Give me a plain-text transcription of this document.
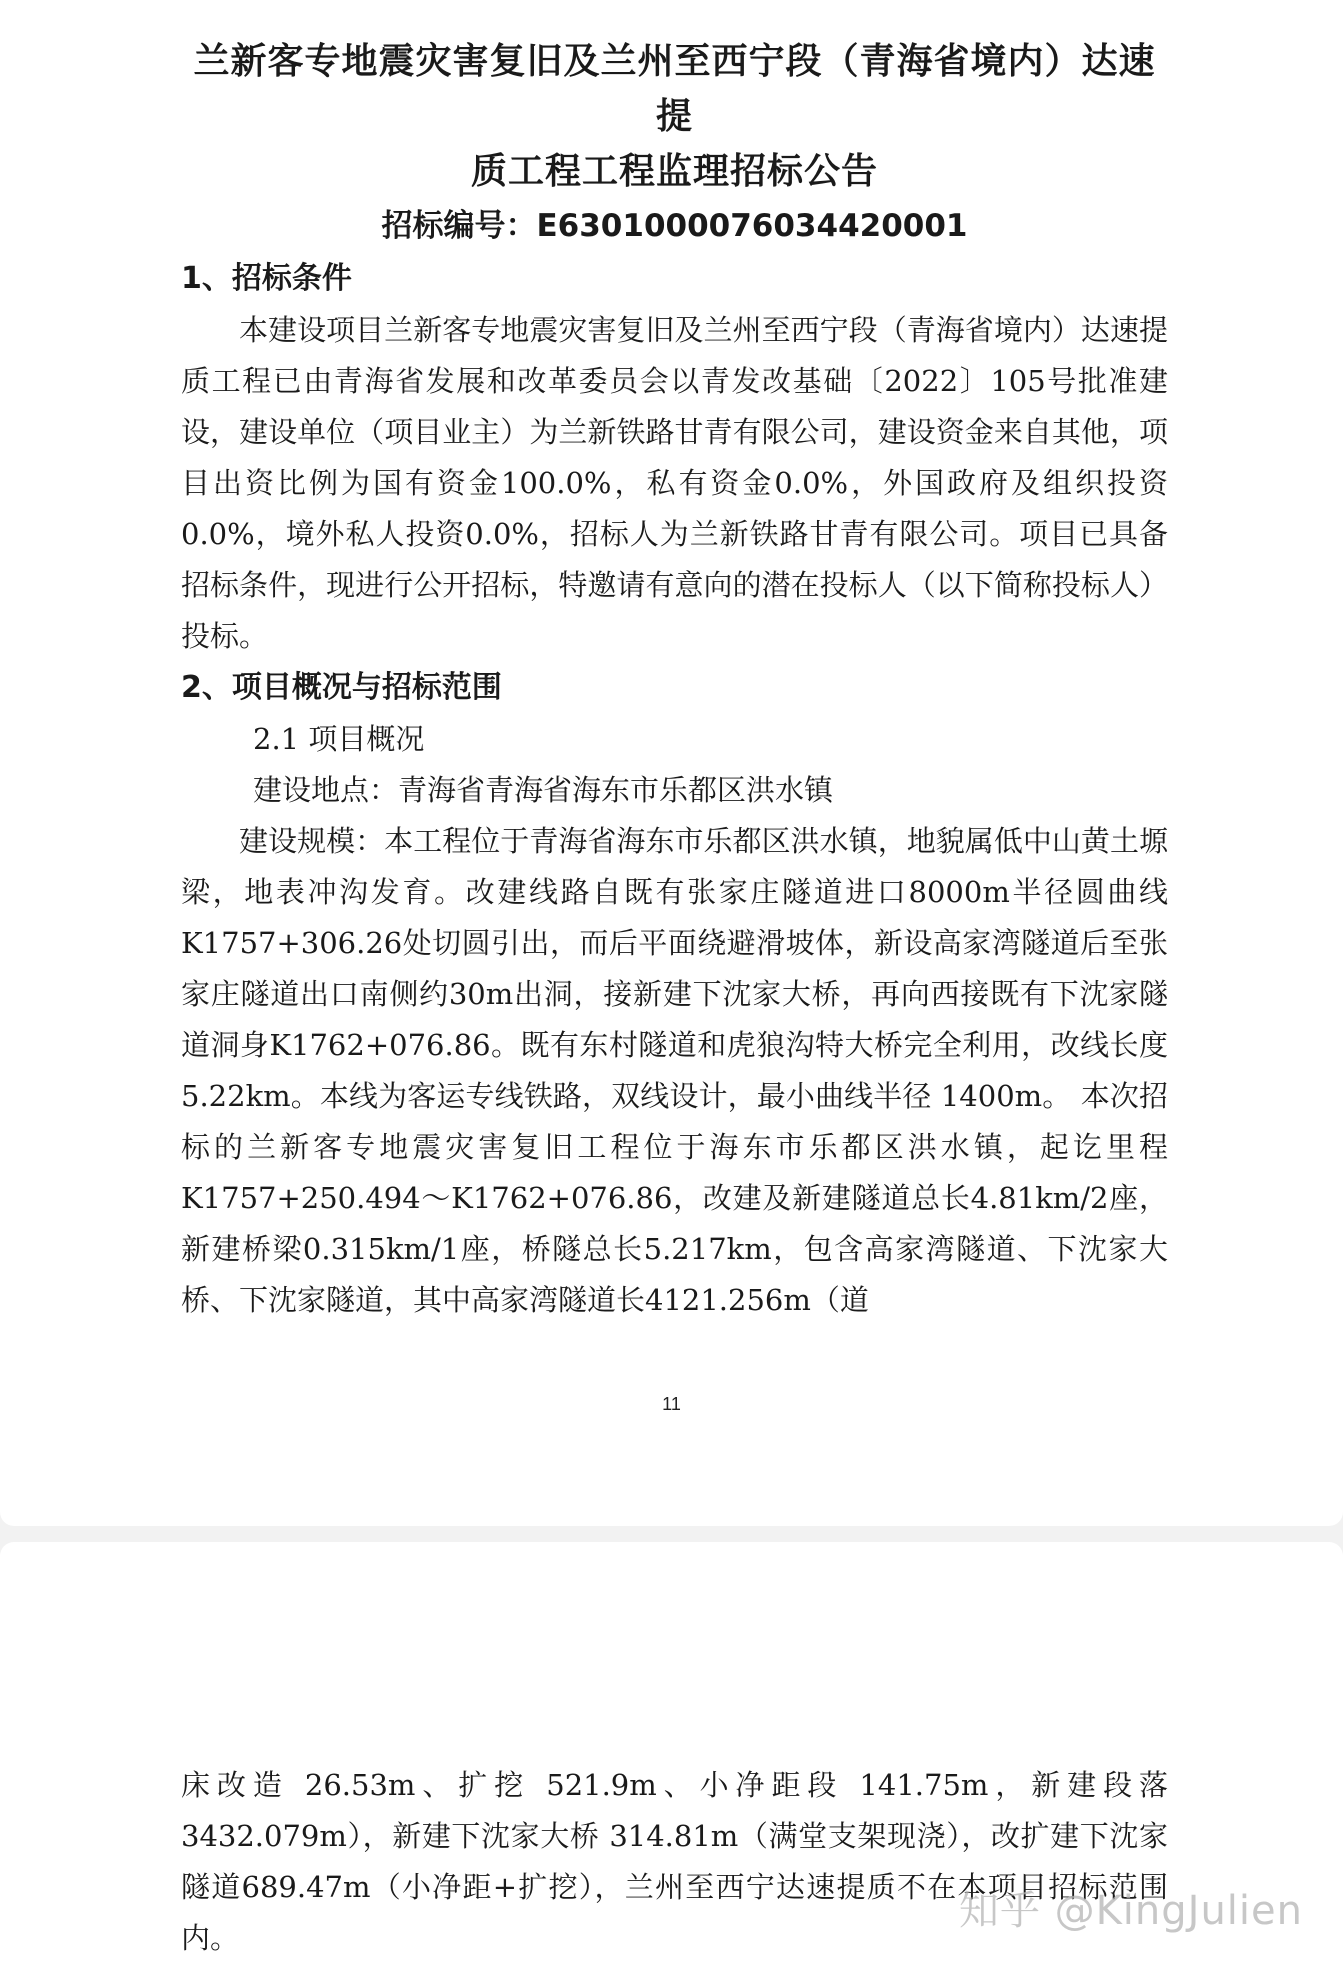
兰新客专地震灾害复旧及兰州至西宁段（青海省境内）达速提

质工程工程监理招标公告

招标编号：E6301000076034420001

1、招标条件

本建设项目兰新客专地震灾害复旧及兰州至西宁段（青海省境内）达速提质工程已由青海省发展和改革委员会以青发改基础〔2022〕105号批准建设，建设单位（项目业主）为兰新铁路甘青有限公司，建设资金来自其他，项目出资比例为国有资金100.0%，私有资金0.0%，外国政府及组织投资0.0%，境外私人投资0.0%，招标人为兰新铁路甘青有限公司。项目已具备招标条件，现进行公开招标，特邀请有意向的潜在投标人（以下简称投标人）投标。

2、项目概况与招标范围

2.1 项目概况

建设地点：青海省青海省海东市乐都区洪水镇

建设规模：本工程位于青海省海东市乐都区洪水镇，地貌属低中山黄土塬梁，地表冲沟发育。改建线路自既有张家庄隧道进口8000m半径圆曲线K1757+306.26处切圆引出，而后平面绕避滑坡体，新设高家湾隧道后至张家庄隧道出口南侧约30m出洞，接新建下沈家大桥，再向西接既有下沈家隧道洞身K1762+076.86。既有东村隧道和虎狼沟特大桥完全利用，改线长度5.22km。本线为客运专线铁路，双线设计，最小曲线半径 1400m。 本次招标的兰新客专地震灾害复旧工程位于海东市乐都区洪水镇，起讫里程 K1757+250.494～K1762+076.86，改建及新建隧道总长4.81km/2座，新建桥梁0.315km/1座，桥隧总长5.217km，包含高家湾隧道、下沈家大桥、下沈家隧道，其中高家湾隧道长4121.256m（道

11

床改造 26.53m、扩挖 521.9m、小净距段 141.75m，新建段落3432.079m），新建下沈家大桥 314.81m（满堂支架现浇），改扩建下沈家隧道689.47m（小净距+扩挖），兰州至西宁达速提质不在本项目招标范围内。

知乎 @KingJulien
